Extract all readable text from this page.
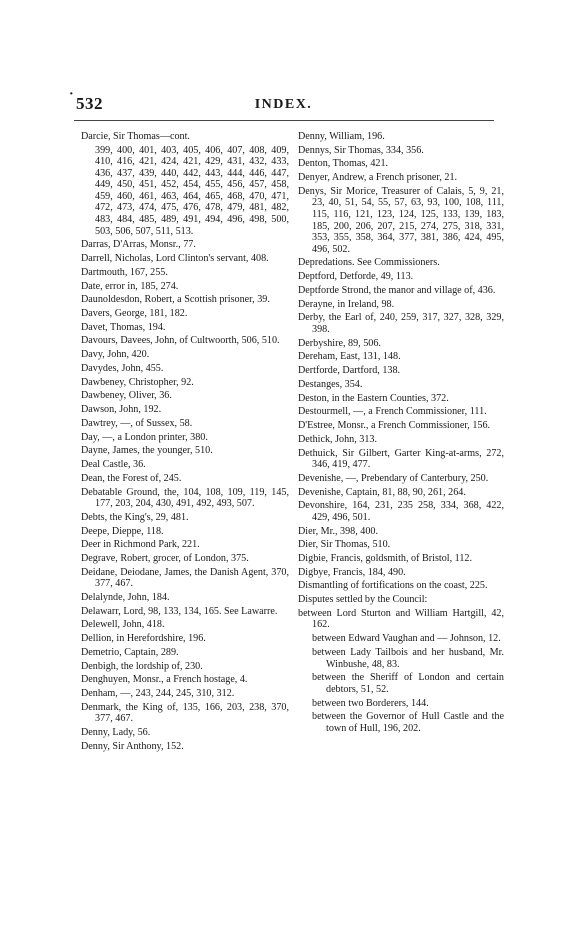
· 532	INDEX.
Darcie, Sir Thomas—cont.
399, 400, 401, 403, 405, 406, 407, 408, 409, 410, 416, 421, 424, 421, 429, 431, 432, 433, 436, 437, 439, 440, 442, 443, 444, 446, 447, 449, 450, 451, 452, 454, 455, 456, 457, 458, 459, 460, 461, 463, 464, 465, 468, 470, 471, 472, 473, 474, 475, 476, 478, 479, 481, 482, 483, 484, 485, 489, 491, 494, 496, 498, 500, 503, 506, 507, 511, 513.
Darras, D'Arras, Monsr., 77.
Darrell, Nicholas, Lord Clinton's servant, 408.
Dartmouth, 167, 255.
Date, error in, 185, 274.
Daunoldesdon, Robert, a Scottish prisoner, 39.
Davers, George, 181, 182.
Davet, Thomas, 194.
Davours, Davees, John, of Cultwoorth, 506, 510.
Davy, John, 420.
Davydes, John, 455.
Dawbeney, Christopher, 92.
Dawbeney, Oliver, 36.
Dawson, John, 192.
Dawtrey, —, of Sussex, 58.
Day, —, a London printer, 380.
Dayne, James, the younger, 510.
Deal Castle, 36.
Dean, the Forest of, 245.
Debatable Ground, the, 104, 108, 109, 119, 145, 177, 203, 204, 430, 491, 492, 493, 507.
Debts, the King's, 29, 481.
Deepe, Dieppe, 118.
Deer in Richmond Park, 221.
Degrave, Robert, grocer, of London, 375.
Deidane, Deiodane, James, the Danish Agent, 370, 377, 467.
Delalynde, John, 184.
Delawarr, Lord, 98, 133, 134, 165. See Lawarre.
Delewell, John, 418.
Dellion, in Herefordshire, 196.
Demetrio, Captain, 289.
Denbigh, the lordship of, 230.
Denghuyen, Monsr., a French hostage, 4.
Denham, —, 243, 244, 245, 310, 312.
Denmark, the King of, 135, 166, 203, 238, 370, 377, 467.
Denny, Lady, 56.
Denny, Sir Anthony, 152.
Denny, William, 196.
Dennys, Sir Thomas, 334, 356.
Denton, Thomas, 421.
Denyer, Andrew, a French prisoner, 21.
Denys, Sir Morice, Treasurer of Calais, 5, 9, 21, 23, 40, 51, 54, 55, 57, 63, 93, 100, 108, 111, 115, 116, 121, 123, 124, 125, 133, 139, 183, 185, 200, 206, 207, 215, 274, 275, 318, 331, 353, 355, 358, 364, 377, 381, 386, 424, 495, 496, 502.
Depredations. See Commissioners.
Deptford, Detforde, 49, 113.
Deptforde Strond, the manor and village of, 436.
Derayne, in Ireland, 98.
Derby, the Earl of, 240, 259, 317, 327, 328, 329, 398.
Derbyshire, 89, 506.
Dereham, East, 131, 148.
Dertforde, Dartford, 138.
Destanges, 354.
Deston, in the Eastern Counties, 372.
Destourmell, —, a French Commissioner, 111.
D'Estree, Monsr., a French Commissioner, 156.
Dethick, John, 313.
Dethuick, Sir Gilbert, Garter King-at-arms, 272, 346, 419, 477.
Devenishe, —, Prebendary of Canterbury, 250.
Devenishe, Captain, 81, 88, 90, 261, 264.
Devonshire, 164, 231, 235 258, 334, 368, 422, 429, 496, 501.
Dier, Mr., 398, 400.
Dier, Sir Thomas, 510.
Digbie, Francis, goldsmith, of Bristol, 112.
Digbye, Francis, 184, 490.
Dismantling of fortifications on the coast, 225.
Disputes settled by the Council:
between Lord Sturton and William Hartgill, 42, 162.
between Edward Vaughan and — Johnson, 12.
between Lady Tailbois and her husband, Mr. Winbushe, 48, 83.
between the Sheriff of London and certain debtors, 51, 52.
between two Borderers, 144.
between the Governor of Hull Castle and the town of Hull, 196, 202.
